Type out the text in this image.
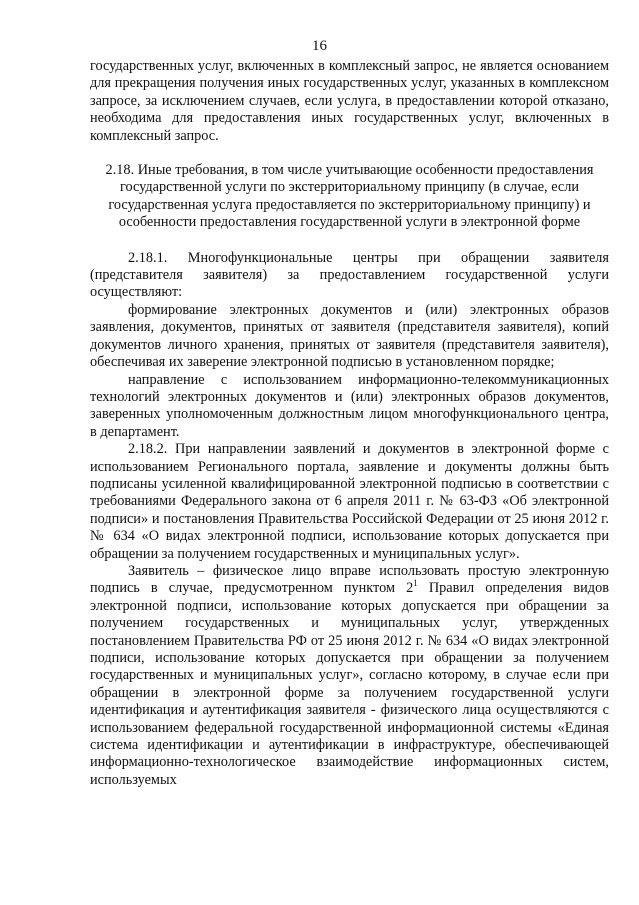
16

государственных услуг, включенных в комплексный запрос, не является основанием для прекращения получения иных государственных услуг, указанных в комплексном запросе, за исключением случаев, если услуга, в предоставлении которой отказано, необходима для предоставления иных государственных услуг, включенных в комплексный запрос.

2.18. Иные требования, в том числе учитывающие особенности предоставления государственной услуги по экстерриториальному принципу (в случае, если государственная услуга предоставляется по экстерриториальному принципу) и особенности предоставления государственной услуги в электронной форме

2.18.1. Многофункциональные центры при обращении заявителя (представителя заявителя) за предоставлением государственной услуги осуществляют:

формирование электронных документов и (или) электронных образов заявления, документов, принятых от заявителя (представителя заявителя), копий документов личного хранения, принятых от заявителя (представителя заявителя), обеспечивая их заверение электронной подписью в установленном порядке;

направление с использованием информационно-телекоммуникационных технологий электронных документов и (или) электронных образов документов, заверенных уполномоченным должностным лицом многофункционального центра, в департамент.

2.18.2. При направлении заявлений и документов в электронной форме с использованием Регионального портала, заявление и документы должны быть подписаны усиленной квалифицированной электронной подписью в соответствии с требованиями Федерального закона от 6 апреля 2011 г. № 63-ФЗ «Об электронной подписи» и постановления Правительства Российской Федерации от 25 июня 2012 г. № 634 «О видах электронной подписи, использование которых допускается при обращении за получением государственных и муниципальных услуг».

Заявитель – физическое лицо вправе использовать простую электронную подпись в случае, предусмотренном пунктом $2^1$ Правил определения видов электронной подписи, использование которых допускается при обращении за получением государственных и муниципальных услуг, утвержденных постановлением Правительства РФ от 25 июня 2012 г. № 634 «О видах электронной подписи, использование которых допускается при обращении за получением государственных и муниципальных услуг», согласно которому, в случае если при обращении в электронной форме за получением государственной услуги идентификация и аутентификация заявителя - физического лица осуществляются с использованием федеральной государственной информационной системы «Единая система идентификации и аутентификации в инфраструктуре, обеспечивающей информационно-технологическое взаимодействие информационных систем, используемых
